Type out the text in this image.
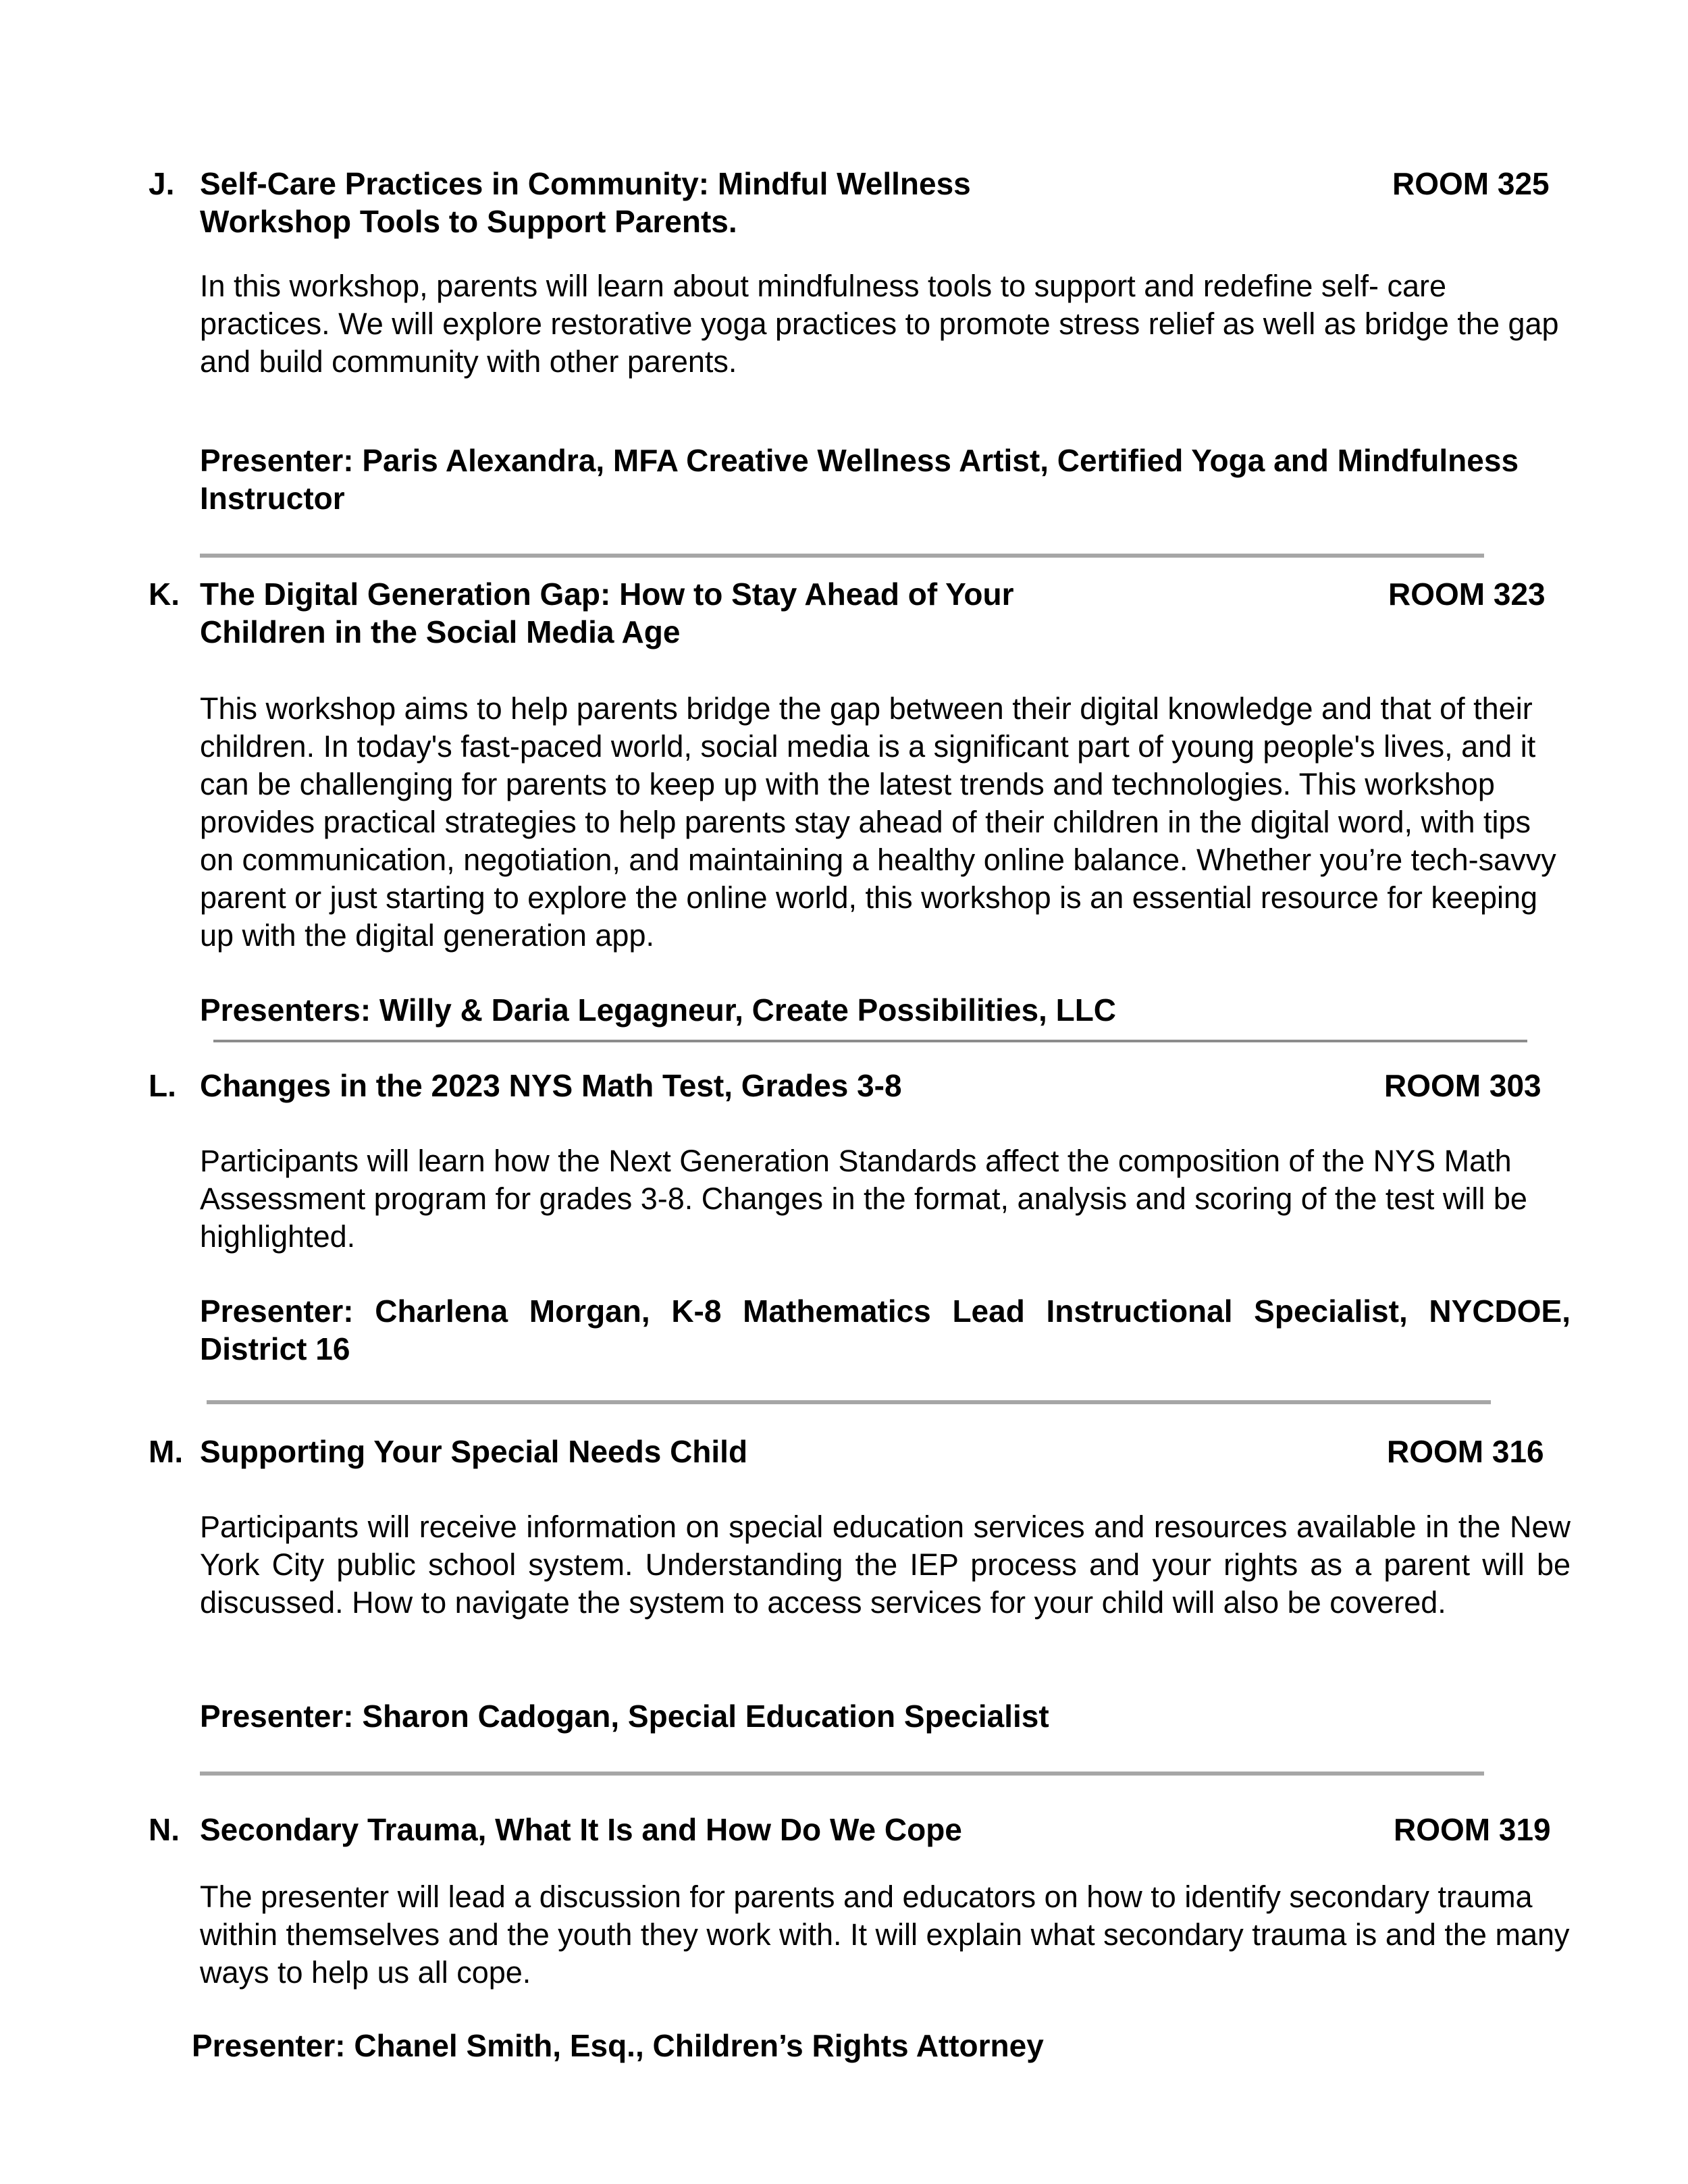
J. Self-Care Practices in Community: Mindful Wellness Workshop Tools to Support Parents.
ROOM 325

In this workshop, parents will learn about mindfulness tools to support and redefine self- care practices. We will explore restorative yoga practices to promote stress relief as well as bridge the gap and build community with other parents.

Presenter: Paris Alexandra, MFA Creative Wellness Artist, Certified Yoga and Mindfulness Instructor
K. The Digital Generation Gap: How to Stay Ahead of Your Children in the Social Media Age
ROOM 323

This workshop aims to help parents bridge the gap between their digital knowledge and that of their children. In today's fast-paced world, social media is a significant part of young people's lives, and it can be challenging for parents to keep up with the latest trends and technologies. This workshop provides practical strategies to help parents stay ahead of their children in the digital word, with tips on communication, negotiation, and maintaining a healthy online balance. Whether you’re tech-savvy parent or just starting to explore the online world, this workshop is an essential resource for keeping up with the digital generation app.

Presenters: Willy & Daria Legagneur, Create Possibilities, LLC
L. Changes in the 2023 NYS Math Test, Grades 3-8	ROOM 303

Participants will learn how the Next Generation Standards affect the composition of the NYS Math Assessment program for grades 3-8. Changes in the format, analysis and scoring of the test will be highlighted.

Presenter: Charlena Morgan, K-8 Mathematics Lead Instructional Specialist, NYCDOE, District 16
M. Supporting Your Special Needs Child	ROOM 316

Participants will receive information on special education services and resources available in the New York City public school system. Understanding the IEP process and your rights as a parent will be discussed. How to navigate the system to access services for your child will also be covered.

Presenter: Sharon Cadogan, Special Education Specialist
N. Secondary Trauma, What It Is and How Do We Cope	ROOM 319

The presenter will lead a discussion for parents and educators on how to identify secondary trauma within themselves and the youth they work with. It will explain what secondary trauma is and the many ways to help us all cope.

Presenter: Chanel Smith, Esq., Children’s Rights Attorney
